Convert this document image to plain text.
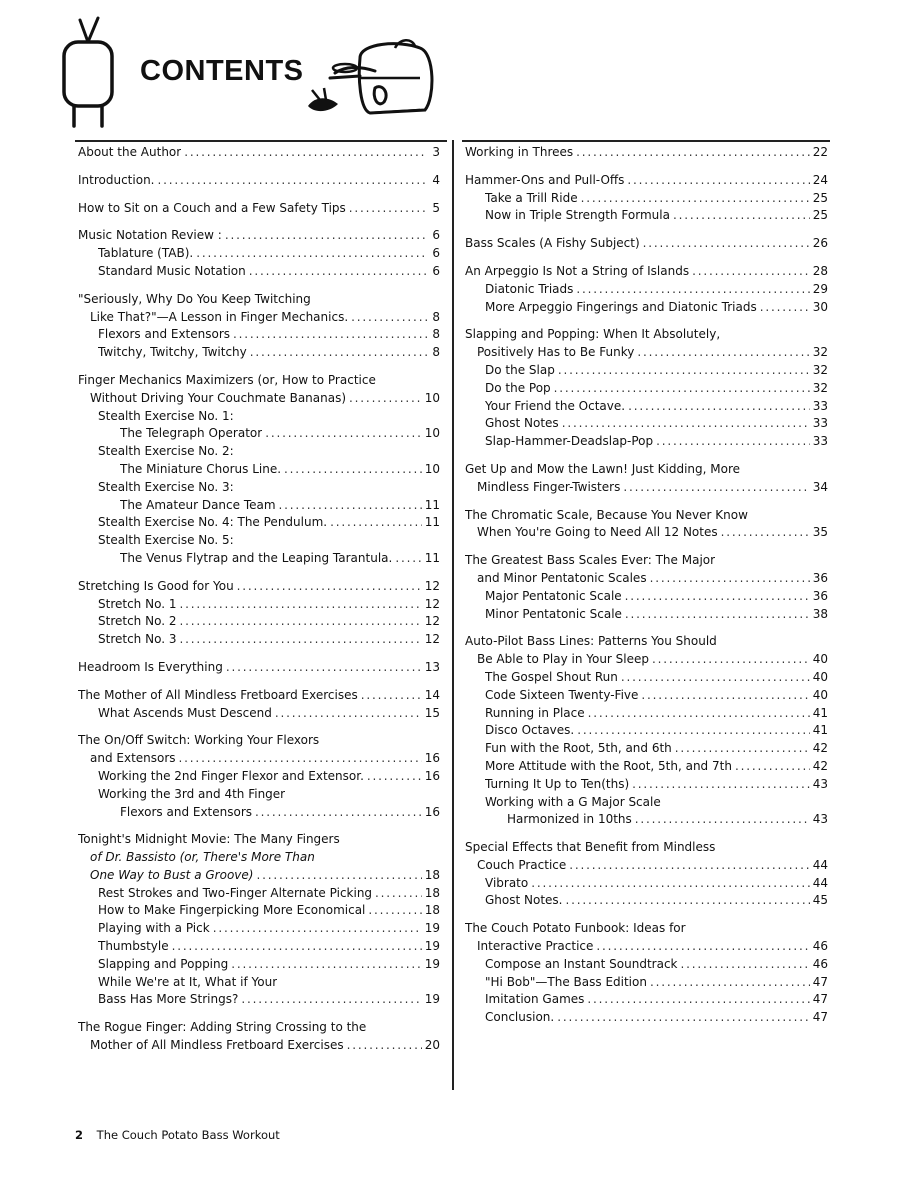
CONTENTS
About the Author . . .	3
Introduction. . . .	4
How to Sit on a Couch and a Few Safety Tips . . .	5
Music Notation Review : . . .	6
Tablature (TAB). . . .	6
Standard Music Notation . . .	6
"Seriously, Why Do You Keep Twitching
Like That?"—A Lesson in Finger Mechanics. . . .	8
Flexors and Extensors . . .	8
Twitchy, Twitchy, Twitchy . . .	8
Finger Mechanics Maximizers (or, How to Practice
Without Driving Your Couchmate Bananas) . . .	10
Stealth Exercise No. 1:
The Telegraph Operator . . .	10
Stealth Exercise No. 2:
The Miniature Chorus Line. . . .	10
Stealth Exercise No. 3:
The Amateur Dance Team . . .	11
Stealth Exercise No. 4: The Pendulum. . . .	11
Stealth Exercise No. 5:
The Venus Flytrap and the Leaping Tarantula. . . .	11
Stretching Is Good for You . . .	12
Stretch No. 1 . . .	12
Stretch No. 2 . . .	12
Stretch No. 3 . . .	12
Headroom Is Everything . . .	13
The Mother of All Mindless Fretboard Exercises . . .	14
What Ascends Must Descend . . .	15
The On/Off Switch: Working Your Flexors
and Extensors . . .	16
Working the 2nd Finger Flexor and Extensor. . . .	16
Working the 3rd and 4th Finger
Flexors and Extensors . . .	16
Tonight's Midnight Movie: The Many Fingers
of Dr. Bassisto (or, There's More Than
One Way to Bust a Groove) . . .	18
Rest Strokes and Two-Finger Alternate Picking . . .	18
How to Make Fingerpicking More Economical . . .	18
Playing with a Pick . . .	19
Thumbstyle . . .	19
Slapping and Popping . . .	19
While We're at It, What if Your
Bass Has More Strings? . . .	19
The Rogue Finger: Adding String Crossing to the
Mother of All Mindless Fretboard Exercises . . .	20
Working in Threes . . .	22
Hammer-Ons and Pull-Offs . . .	24
Take a Trill Ride . . .	25
Now in Triple Strength Formula . . .	25
Bass Scales (A Fishy Subject) . . .	26
An Arpeggio Is Not a String of Islands . . .	28
Diatonic Triads . . .	29
More Arpeggio Fingerings and Diatonic Triads . . .	30
Slapping and Popping: When It Absolutely,
Positively Has to Be Funky . . .	32
Do the Slap . . .	32
Do the Pop . . .	32
Your Friend the Octave. . . .	33
Ghost Notes . . .	33
Slap-Hammer-Deadslap-Pop . . .	33
Get Up and Mow the Lawn! Just Kidding, More
Mindless Finger-Twisters . . .	34
The Chromatic Scale, Because You Never Know
When You're Going to Need All 12 Notes . . .	35
The Greatest Bass Scales Ever: The Major
and Minor Pentatonic Scales . . .	36
Major Pentatonic Scale . . .	36
Minor Pentatonic Scale . . .	38
Auto-Pilot Bass Lines: Patterns You Should
Be Able to Play in Your Sleep . . .	40
The Gospel Shout Run . . .	40
Code Sixteen Twenty-Five . . .	40
Running in Place . . .	41
Disco Octaves. . . .	41
Fun with the Root, 5th, and 6th . . .	42
More Attitude with the Root, 5th, and 7th . . .	42
Turning It Up to Ten(ths) . . .	43
Working with a G Major Scale
Harmonized in 10ths . . .	43
Special Effects that Benefit from Mindless
Couch Practice . . .	44
Vibrato . . .	44
Ghost Notes. . . .	45
The Couch Potato Funbook: Ideas for
Interactive Practice . . .	46
Compose an Instant Soundtrack . . .	46
"Hi Bob"—The Bass Edition . . .	47
Imitation Games . . .	47
Conclusion. . . .	47
2 The Couch Potato Bass Workout
